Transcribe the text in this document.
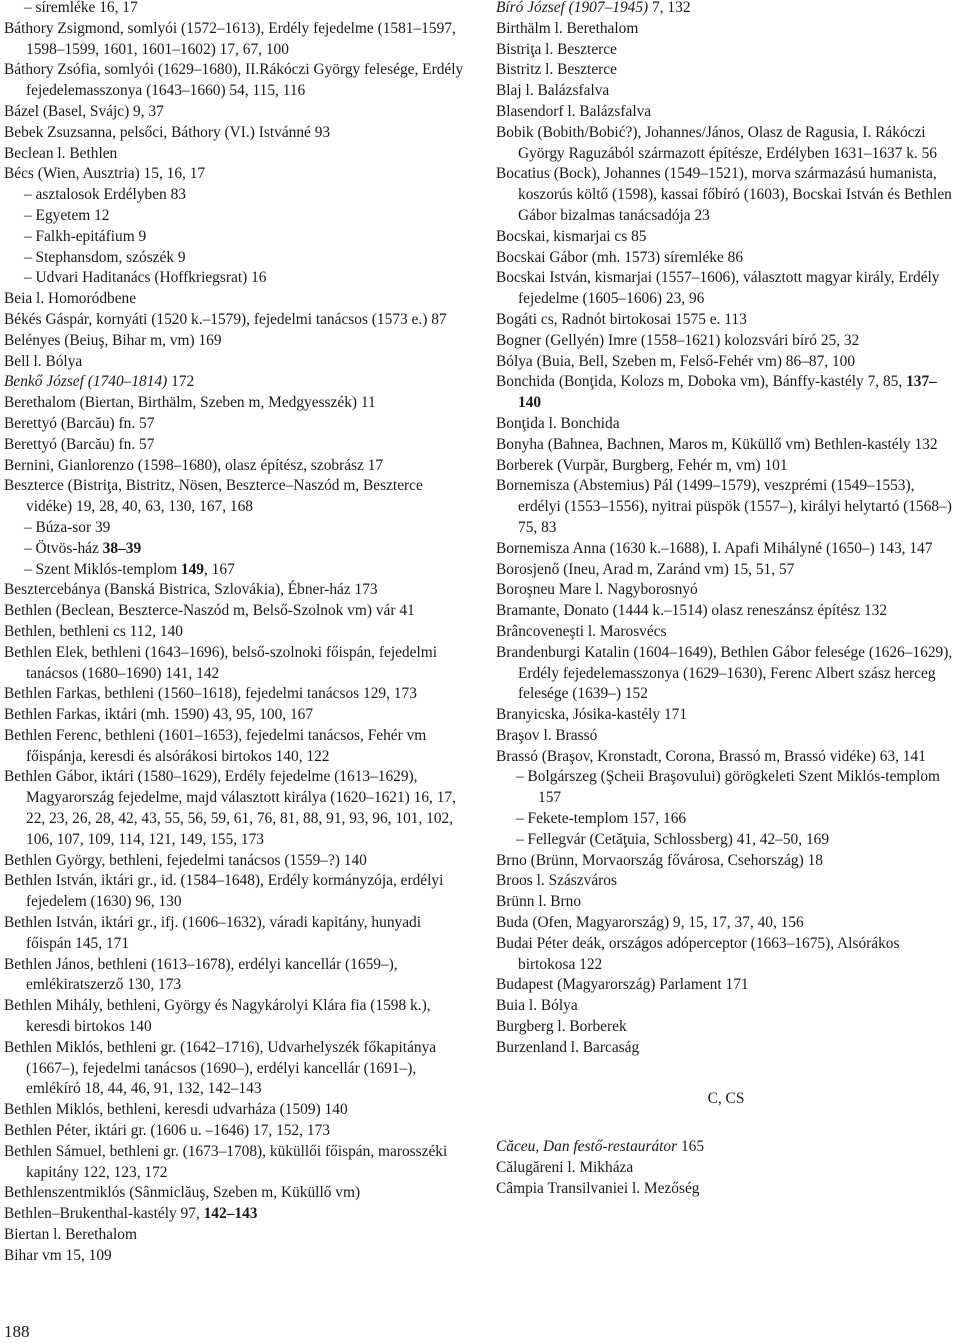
– síremléke 16, 17
Báthory Zsigmond, somlyói (1572–1613), Erdély fejedelme (1581–1597, 1598–1599, 1601, 1601–1602) 17, 67, 100
Báthory Zsófia, somlyói (1629–1680), II.Rákóczi György felesége, Erdély fejedelemasszonya (1643–1660) 54, 115, 116
Bázel (Basel, Svájc) 9, 37
Bebek Zsuzsanna, pelsőci, Báthory (VI.) Istvánné 93
Beclean l. Bethlen
Bécs (Wien, Ausztria) 15, 16, 17
– asztalosok Erdélyben 83
– Egyetem 12
– Falkh-epitáfium 9
– Stephansdom, szószék 9
– Udvari Haditanács (Hoffkriegsrat) 16
Beia l. Homoródbene
Békés Gáspár, kornyáti (1520 k.–1579), fejedelmi tanácsos (1573 e.) 87
Belényes (Beiuş, Bihar m, vm) 169
Bell l. Bólya
Benkő József (1740–1814) 172
Berethalom (Biertan, Birthälm, Szeben m, Medgyesszék) 11
Berettyó (Barcău) fn. 57
Berettyó (Barcău) fn. 57
Bernini, Gianlorenzo (1598–1680), olasz építész, szobrász 17
Beszterce (Bistriţa, Bistritz, Nösen, Beszterce–Naszód m, Beszterce vidéke) 19, 28, 40, 63, 130, 167, 168
– Búza-sor 39
– Ötvös-ház 38–39
– Szent Miklós-templom 149, 167
Besztercebánya (Banská Bistrica, Szlovákia), Ébner-ház 173
Bethlen (Beclean, Beszterce-Naszód m, Belső-Szolnok vm) vár 41
Bethlen, bethleni cs 112, 140
Bethlen Elek, bethleni (1643–1696), belső-szolnoki főispán, fejedelmi tanácsos (1680–1690) 141, 142
Bethlen Farkas, bethleni (1560–1618), fejedelmi tanácsos 129, 173
Bethlen Farkas, iktári (mh. 1590) 43, 95, 100, 167
Bethlen Ferenc, bethleni (1601–1653), fejedelmi tanácsos, Fehér vm főispánja, keresdi és alsórákosi birtokos 140, 122
Bethlen Gábor, iktári (1580–1629), Erdély fejedelme (1613–1629), Magyarország fejedelme, majd választott királya (1620–1621) 16, 17, 22, 23, 26, 28, 42, 43, 55, 56, 59, 61, 76, 81, 88, 91, 93, 96, 101, 102, 106, 107, 109, 114, 121, 149, 155, 173
Bethlen György, bethleni, fejedelmi tanácsos (1559–?) 140
Bethlen István, iktári gr., id. (1584–1648), Erdély kormányzója, erdélyi fejedelem (1630) 96, 130
Bethlen István, iktári gr., ifj. (1606–1632), váradi kapitány, hunyadi főispán 145, 171
Bethlen János, bethleni (1613–1678), erdélyi kancellár (1659–), emlékiratszerző 130, 173
Bethlen Mihály, bethleni, György és Nagykárolyi Klára fia (1598 k.), keresdi birtokos 140
Bethlen Miklós, bethleni gr. (1642–1716), Udvarhelyszék főkapitánya (1667–), fejedelmi tanácsos (1690–), erdélyi kancellár (1691–), emlékíró 18, 44, 46, 91, 132, 142–143
Bethlen Miklós, bethleni, keresdi udvarháza (1509) 140
Bethlen Péter, iktári gr. (1606 u. –1646) 17, 152, 173
Bethlen Sámuel, bethleni gr. (1673–1708), küküllői főispán, marosszéki kapitány 122, 123, 172
Bethlenszentmiklós (Sânmiclăuş, Szeben m, Küküllő vm)
Bethlen–Brukenthal-kastély 97, 142–143
Biertan l. Berethalom
Bihar vm 15, 109
Bíró József (1907–1945) 7, 132
Birthälm l. Berethalom
Bistriţa l. Beszterce
Bistritz l. Beszterce
Blaj l. Balázsfalva
Blasendorf l. Balázsfalva
Bobik (Bobith/Bobić?), Johannes/János, Olasz de Ragusia, I. Rákóczi György Raguzából származott építésze, Erdélyben 1631–1637 k. 56
Bocatius (Bock), Johannes (1549–1521), morva származású humanista, koszorús költő (1598), kassai főbíró (1603), Bocskai István és Bethlen Gábor bizalmas tanácsadója 23
Bocskai, kismarjai cs 85
Bocskai Gábor (mh. 1573) síremléke 86
Bocskai István, kismarjai (1557–1606), választott magyar király, Erdély fejedelme (1605–1606) 23, 96
Bogáti cs, Radnót birtokosai 1575 e. 113
Bogner (Gellyén) Imre (1558–1621) kolozsvári bíró 25, 32
Bólya (Buia, Bell, Szeben m, Felső-Fehér vm) 86–87, 100
Bonchida (Bonţida, Kolozs m, Doboka vm), Bánffy-kastély 7, 85, 137–140
Bonţida l. Bonchida
Bonyha (Bahnea, Bachnen, Maros m, Küküllő vm) Bethlen-kastély 132
Borberek (Vurpăr, Burgberg, Fehér m, vm) 101
Bornemisza (Abstemius) Pál (1499–1579), veszprémi (1549–1553), erdélyi (1553–1556), nyitrai püspök (1557–), királyi helytartó (1568–) 75, 83
Bornemisza Anna (1630 k.–1688), I. Apafi Mihályné (1650–) 143, 147
Borosjenő (Ineu, Arad m, Zaránd vm) 15, 51, 57
Boroşneu Mare l. Nagyborosnyó
Bramante, Donato (1444 k.–1514) olasz reneszánsz építész 132
Brâncoveneşti l. Marosvécs
Brandenburgi Katalin (1604–1649), Bethlen Gábor felesége (1626–1629), Erdély fejedelemasszonya (1629–1630), Ferenc Albert szász herceg felesége (1639–) 152
Branyicska, Jósika-kastély 171
Braşov l. Brassó
Brassó (Braşov, Kronstadt, Corona, Brassó m, Brassó vidéke) 63, 141
– Bolgárszeg (Şcheii Braşovului) görögkeleti Szent Miklós-templom 157
– Fekete-templom 157, 166
– Fellegvár (Cetăţuia, Schlossberg) 41, 42–50, 169
Brno (Brünn, Morvaország fővárosa, Csehország) 18
Broos l. Szászváros
Brünn l. Brno
Buda (Ofen, Magyarország) 9, 15, 17, 37, 40, 156
Budai Péter deák, országos adóperceptor (1663–1675), Alsórákos birtokosa 122
Budapest (Magyarország) Parlament 171
Buia l. Bólya
Burgberg l. Borberek
Burzenland l. Barcaság
C, CS
Căceu, Dan festő-restaurátor 165
Călugăreni l. Mikháza
Câmpia Transilvaniei l. Mezőség
188
